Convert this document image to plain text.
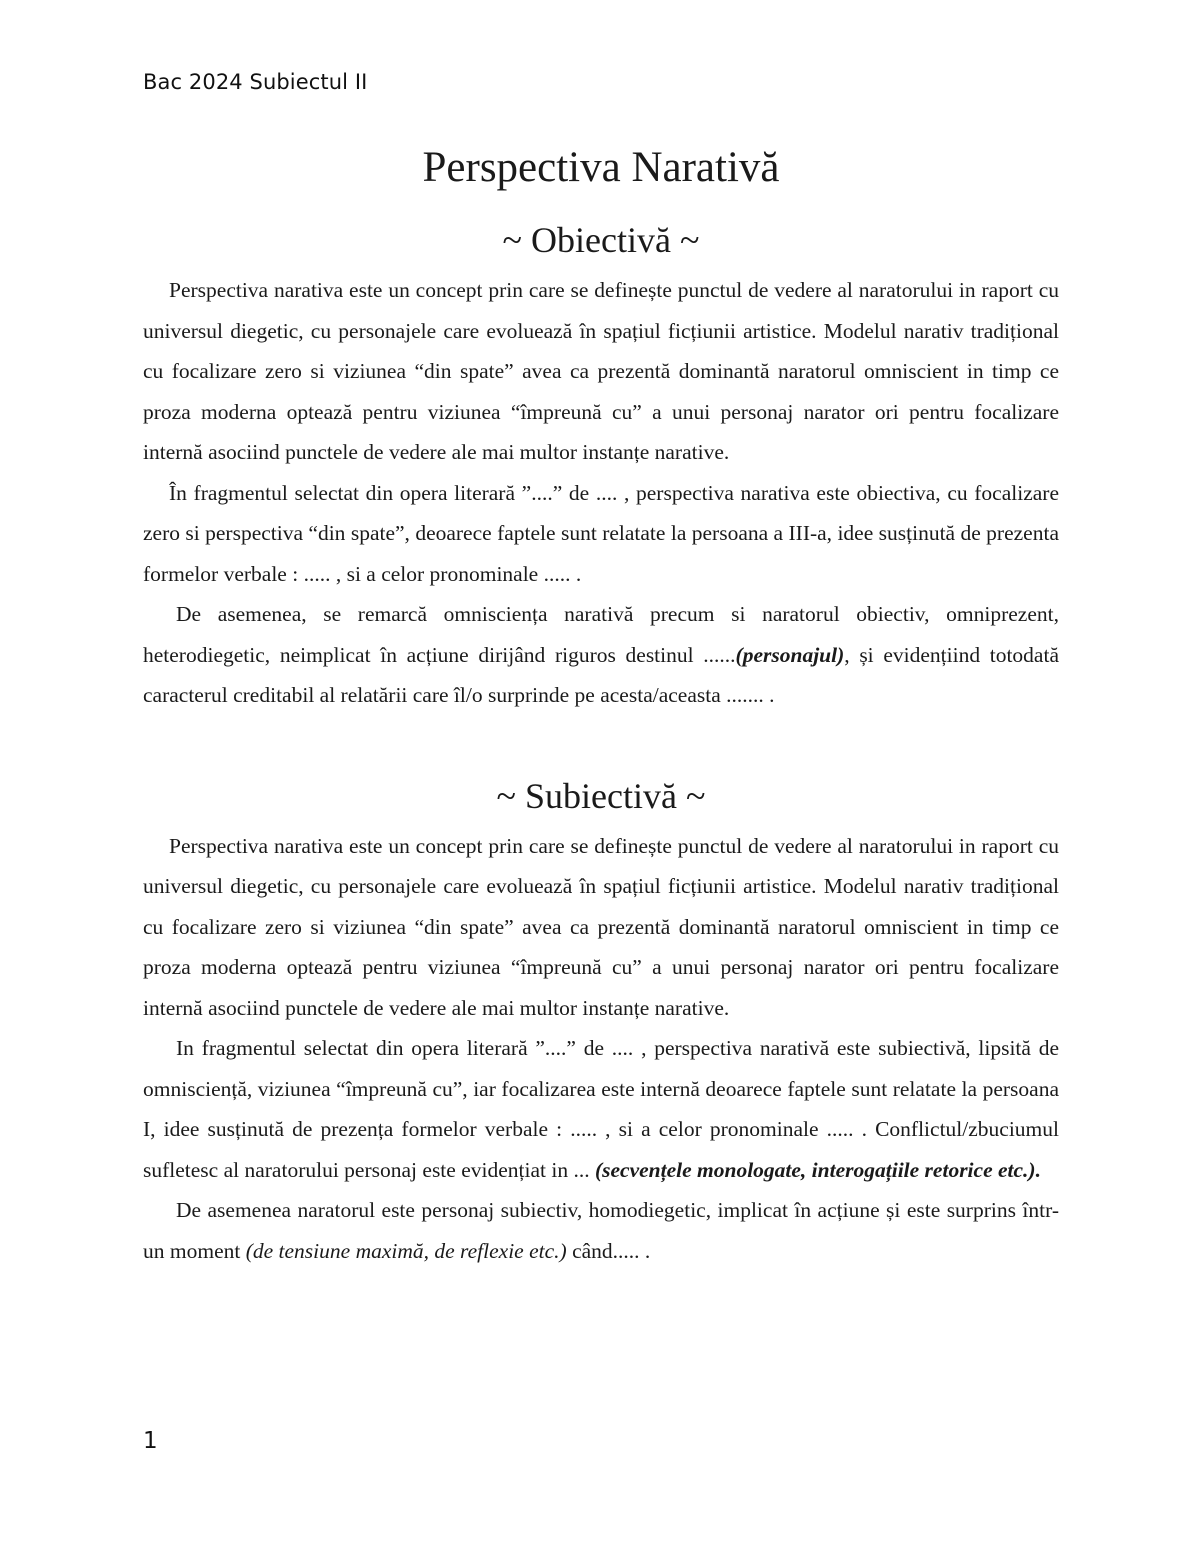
Bac 2024 Subiectul II
Perspectiva Narativă
~ Obiectivă ~

Perspectiva narativa este un concept prin care se definește punctul de vedere al naratorului in raport cu universul diegetic, cu personajele care evoluează în spațiul ficțiunii artistice. Modelul narativ tradițional cu focalizare zero si viziunea “din spate” avea ca prezentă dominantă naratorul omniscient in timp ce proza moderna optează pentru viziunea “împreună cu” a unui personaj narator ori pentru focalizare internă asociind punctele de vedere ale mai multor instanțe narative.

În fragmentul selectat din opera literară ”....” de .... , perspectiva narativa este obiectiva, cu focalizare zero si perspectiva “din spate”, deoarece faptele sunt relatate la persoana a III-a, idee susținută de prezenta formelor verbale : ..... , si a celor pronominale ..... .

De asemenea, se remarcă omnisciența narativă precum si naratorul obiectiv, omniprezent, heterodiegetic, neimplicat în acțiune dirijând riguros destinul ......(personajul), și evidențiind totodată caracterul creditabil al relatării care îl/o surprinde pe acesta/aceasta ....... .

~ Subiectivă ~

Perspectiva narativa este un concept prin care se definește punctul de vedere al naratorului in raport cu universul diegetic, cu personajele care evoluează în spațiul ficțiunii artistice. Modelul narativ tradițional cu focalizare zero si viziunea “din spate” avea ca prezentă dominantă naratorul omniscient in timp ce proza moderna optează pentru viziunea “împreună cu” a unui personaj narator ori pentru focalizare internă asociind punctele de vedere ale mai multor instanțe narative.

In fragmentul selectat din opera literară ”....” de .... , perspectiva narativă este subiectivă, lipsită de omnisciență, viziunea “împreună cu”, iar focalizarea este internă deoarece faptele sunt relatate la persoana I, idee susținută de prezența formelor verbale : ..... , si a celor pronominale ..... . Conflictul/zbuciumul sufletesc al naratorului personaj este evidențiat in ... (secvențele monologate, interogațiile retorice etc.).

De asemenea naratorul este personaj subiectiv, homodiegetic, implicat în acțiune și este surprins într-un moment (de tensiune maximă, de reflexie etc.) când..... .

1
